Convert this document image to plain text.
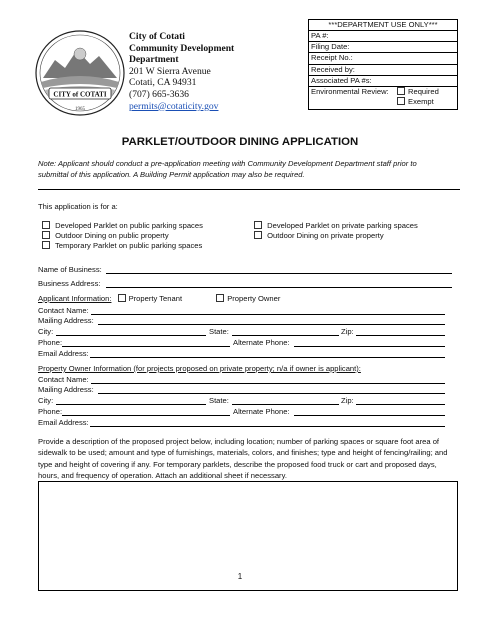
CITY of COTATI
1965
City of Cotati
Community Development
Department
201 W Sierra Avenue
Cotati, CA 94931
(707) 665-3636
permits@cotaticity.gov
***DEPARTMENT USE ONLY***
PA #:
Filing Date:
Receipt No.:
Received by:
Associated PA #s:
Environmental Review:	Required
Exempt
PARKLET/OUTDOOR DINING APPLICATION
Note: Applicant should conduct a pre-application meeting with Community Development Department staff prior to submittal of this application. A Building Permit application may also be required.
This application is for a:
Developed Parklet on public parking spaces
Outdoor Dining on public property
Temporary Parklet on public parking spaces
Developed Parklet on private parking spaces
Outdoor Dining on private property
Name of Business:
Business Address:
Applicant Information: Property Tenant	Property Owner
Contact Name:
Mailing Address:
City:	State:	Zip:
Phone:	Alternate Phone:
Email Address:
Property Owner Information (for projects proposed on private property; n/a if owner is applicant):
Contact Name:
Mailing Address:
City:	State:	Zip:
Phone:	Alternate Phone:
Email Address:
Provide a description of the proposed project below, including location; number of parking spaces or square foot area of sidewalk to be used; amount and type of furnishings, materials, colors, and finishes; type and height of fencing/railing; and type and height of covering if any. For temporary parklets, describe the proposed food truck or cart and proposed days, hours, and frequency of operation. Attach an additional sheet if necessary.
1
